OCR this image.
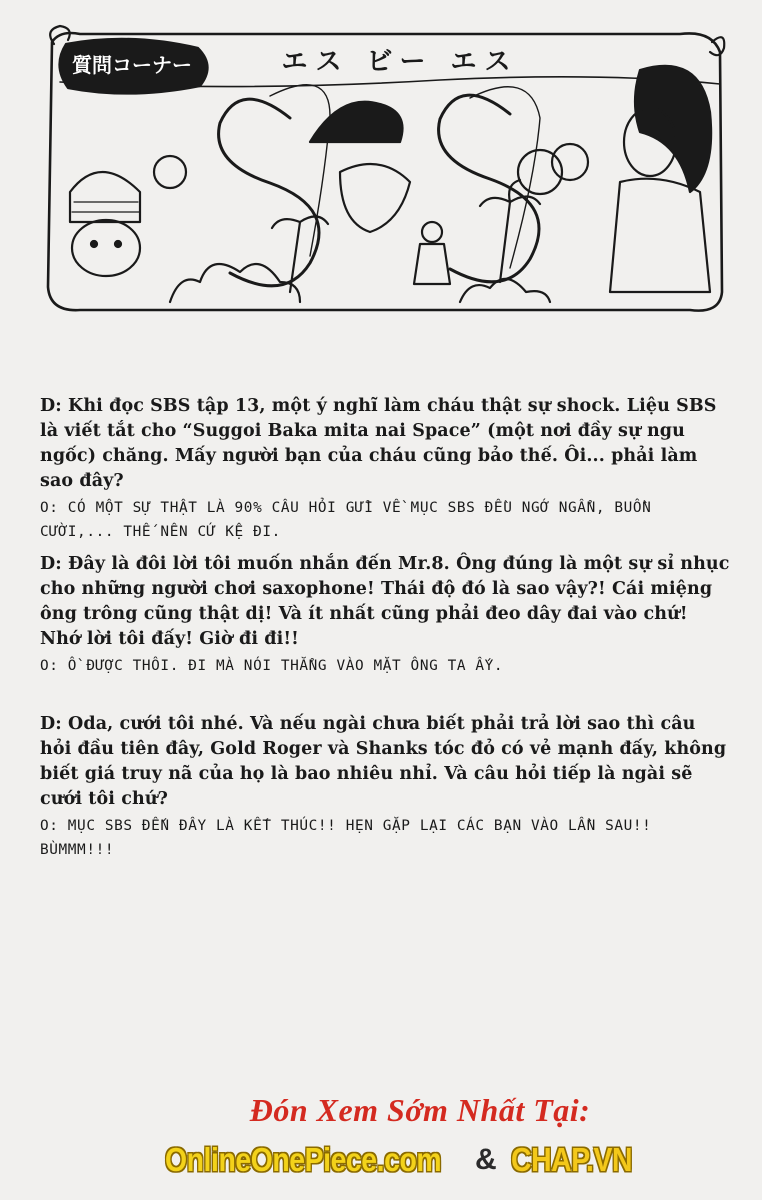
質問コーナー	エス ビー エス

D: Khi đọc SBS tập 13, một ý nghĩ làm cháu thật sự shock. Liệu SBS là viết tắt cho “Suggoi Baka mita nai Space” (một nơi đầy sự ngu ngốc) chăng. Mấy người bạn của cháu cũng bảo thế. Ôi... phải làm sao đây?

O: CÓ MỘT SỰ THẬT LÀ 90% CÂU HỎI GỬI VỀ MỤC SBS ĐỀU NGỚ NGẨN, BUỒN CƯỜI,... THẾ NÊN CỨ KỆ ĐI.

D: Đây là đôi lời tôi muốn nhắn đến Mr.8. Ông đúng là một sự sỉ nhục cho những người chơi saxophone! Thái độ đó là sao vậy?! Cái miệng ông trông cũng thật dị! Và ít nhất cũng phải đeo dây đai vào chứ! Nhớ lời tôi đấy! Giờ đi đi!!

O: Ồ ĐƯỢC THÔI. ĐI MÀ NÓI THẲNG VÀO MẶT ÔNG TA ẤY.

D: Oda, cưới tôi nhé. Và nếu ngài chưa biết phải trả lời sao thì câu hỏi đầu tiên đây, Gold Roger và Shanks tóc đỏ có vẻ mạnh đấy, không biết giá truy nã của họ là bao nhiêu nhỉ. Và câu hỏi tiếp là ngài sẽ cưới tôi chứ?

O: MỤC SBS ĐẾN ĐÂY LÀ KẾT THÚC!! HẸN GẶP LẠI CÁC BẠN VÀO LẦN SAU!! BÙMMM!!!

Đón Xem Sớm Nhất Tại:
OnlineOnePiece.com & CHAP.VN
